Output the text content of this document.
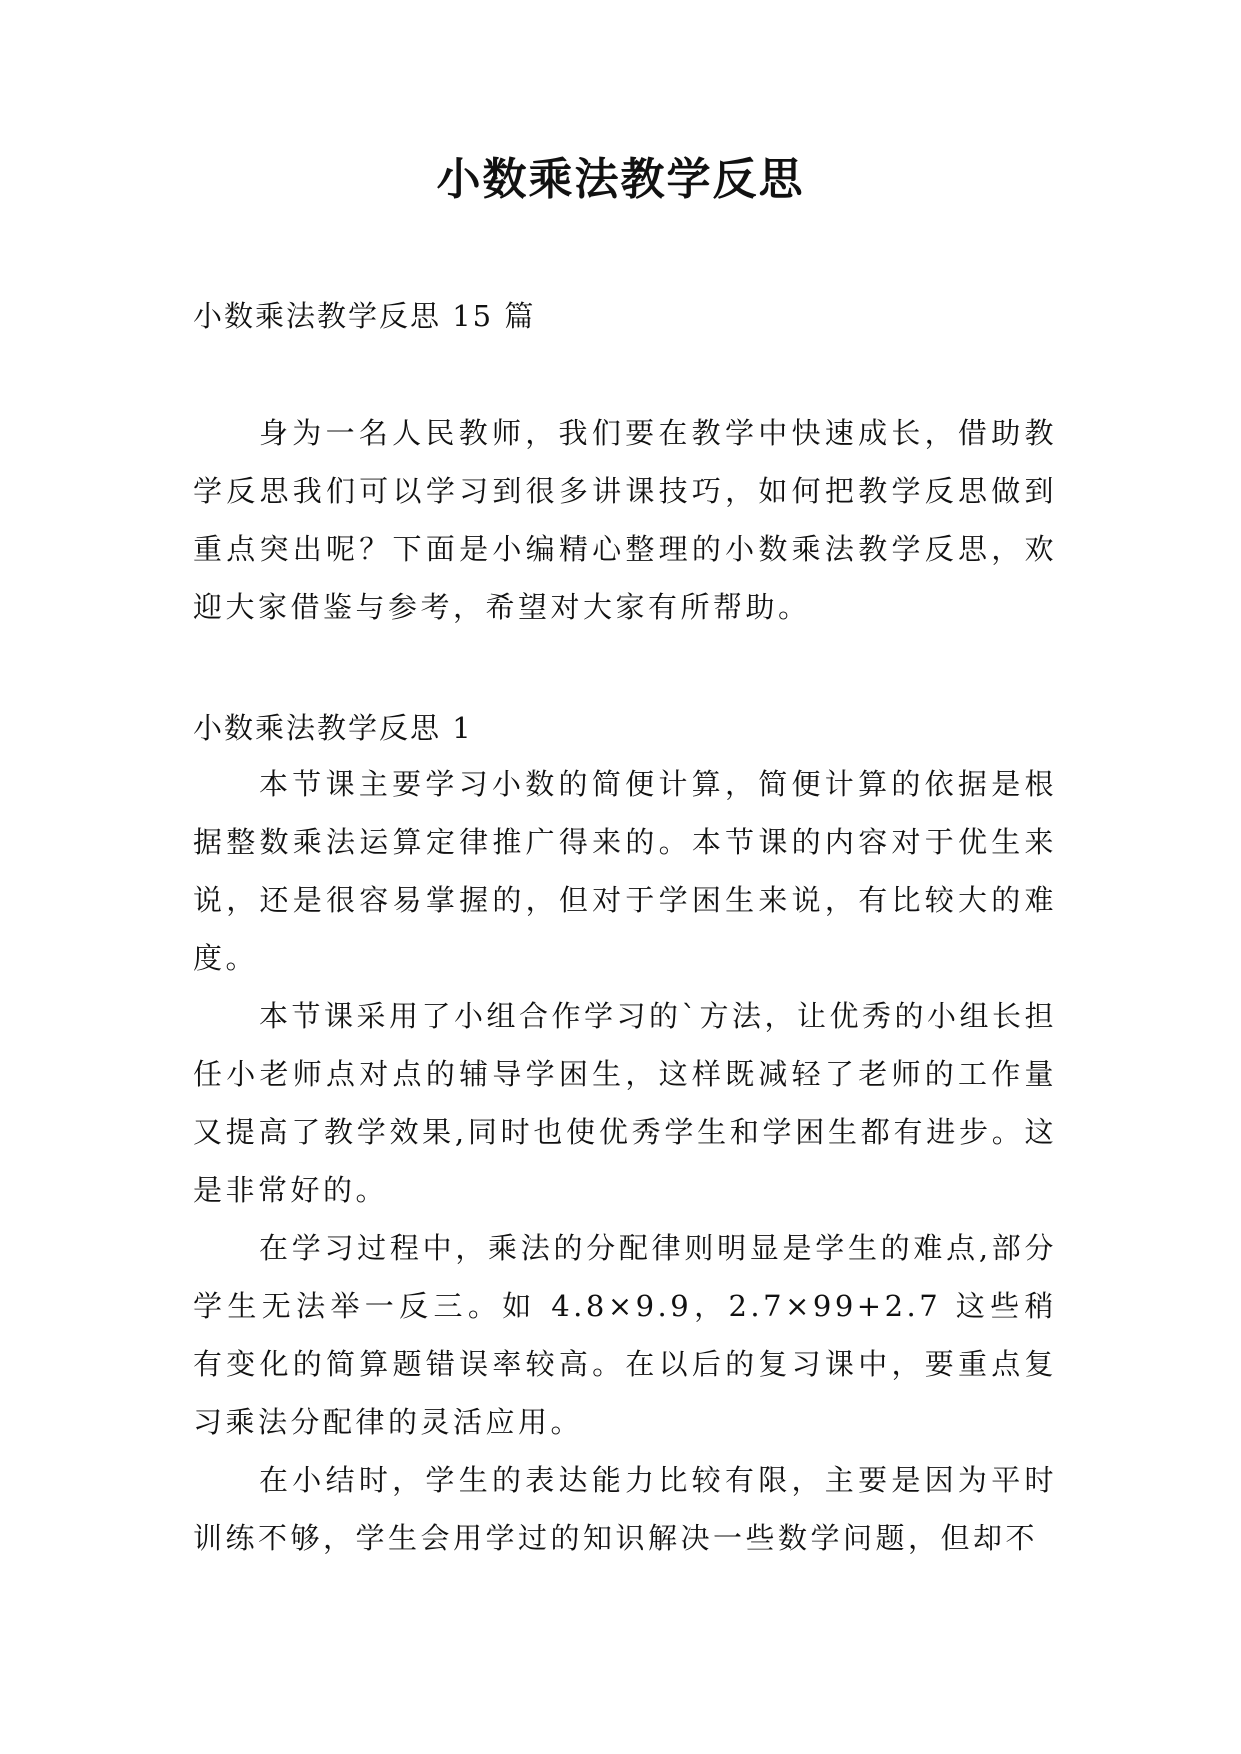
小数乘法教学反思
小数乘法教学反思 15 篇

身为一名人民教师，我们要在教学中快速成长，借助教学反思我们可以学习到很多讲课技巧，如何把教学反思做到重点突出呢？下面是小编精心整理的小数乘法教学反思，欢迎大家借鉴与参考，希望对大家有所帮助。

小数乘法教学反思 1

本节课主要学习小数的简便计算，简便计算的依据是根据整数乘法运算定律推广得来的。本节课的内容对于优生来说，还是很容易掌握的，但对于学困生来说，有比较大的难度。

本节课采用了小组合作学习的`方法，让优秀的小组长担任小老师点对点的辅导学困生，这样既减轻了老师的工作量又提高了教学效果,同时也使优秀学生和学困生都有进步。这是非常好的。

在学习过程中，乘法的分配律则明显是学生的难点,部分学生无法举一反三。如 4.8×9.9，2.7×99+2.7 这些稍有变化的简算题错误率较高。在以后的复习课中，要重点复习乘法分配律的灵活应用。

在小结时，学生的表达能力比较有限，主要是因为平时训练不够，学生会用学过的知识解决一些数学问题，但却不
